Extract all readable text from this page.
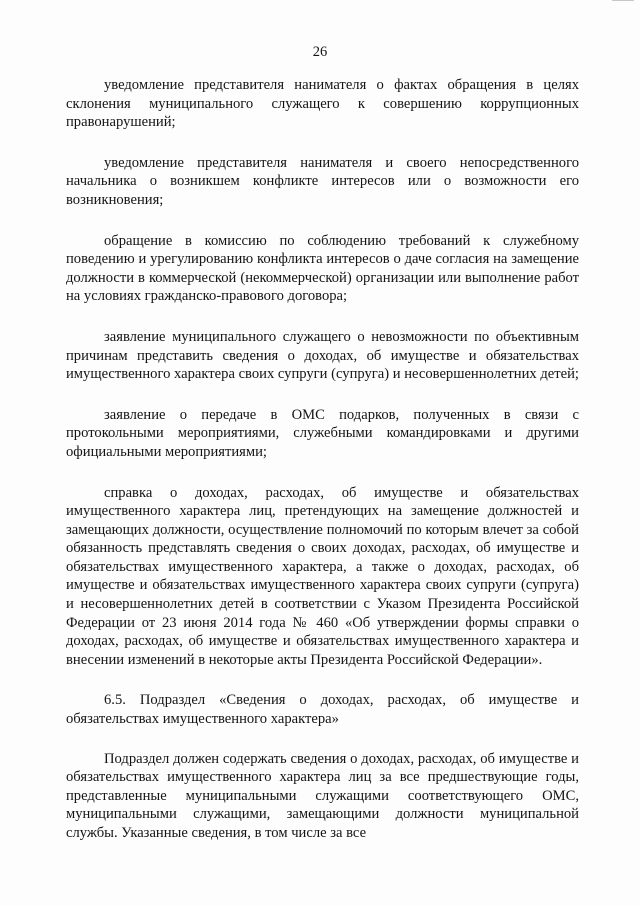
26

уведомление представителя нанимателя о фактах обращения в целях склонения муниципального служащего к совершению коррупционных правонарушений;

уведомление представителя нанимателя и своего непосредственного начальника о возникшем конфликте интересов или о возможности его возникновения;

обращение в комиссию по соблюдению требований к служебному поведению и урегулированию конфликта интересов о даче согласия на замещение должности в коммерческой (некоммерческой) организации или выполнение работ на условиях гражданско-правового договора;

заявление муниципального служащего о невозможности по объективным причинам представить сведения о доходах, об имуществе и обязательствах имущественного характера своих супруги (супруга) и несовершеннолетних детей;

заявление о передаче в ОМС подарков, полученных в связи с протокольными мероприятиями, служебными командировками и другими официальными мероприятиями;

справка о доходах, расходах, об имуществе и обязательствах имущественного характера лиц, претендующих на замещение должностей и замещающих должности, осуществление полномочий по которым влечет за собой обязанность представлять сведения о своих доходах, расходах, об имуществе и обязательствах имущественного характера, а также о доходах, расходах, об имуществе и обязательствах имущественного характера своих супруги (супруга) и несовершеннолетних детей в соответствии с Указом Президента Российской Федерации от 23 июня 2014 года № 460 «Об утверждении формы справки о доходах, расходах, об имуществе и обязательствах имущественного характера и внесении изменений в некоторые акты Президента Российской Федерации».

6.5. Подраздел «Сведения о доходах, расходах, об имуществе и обязательствах имущественного характера»

Подраздел должен содержать сведения о доходах, расходах, об имуществе и обязательствах имущественного характера лиц за все предшествующие годы, представленные муниципальными служащими соответствующего ОМС, муниципальными служащими, замещающими должности муниципальной службы. Указанные сведения, в том числе за все
